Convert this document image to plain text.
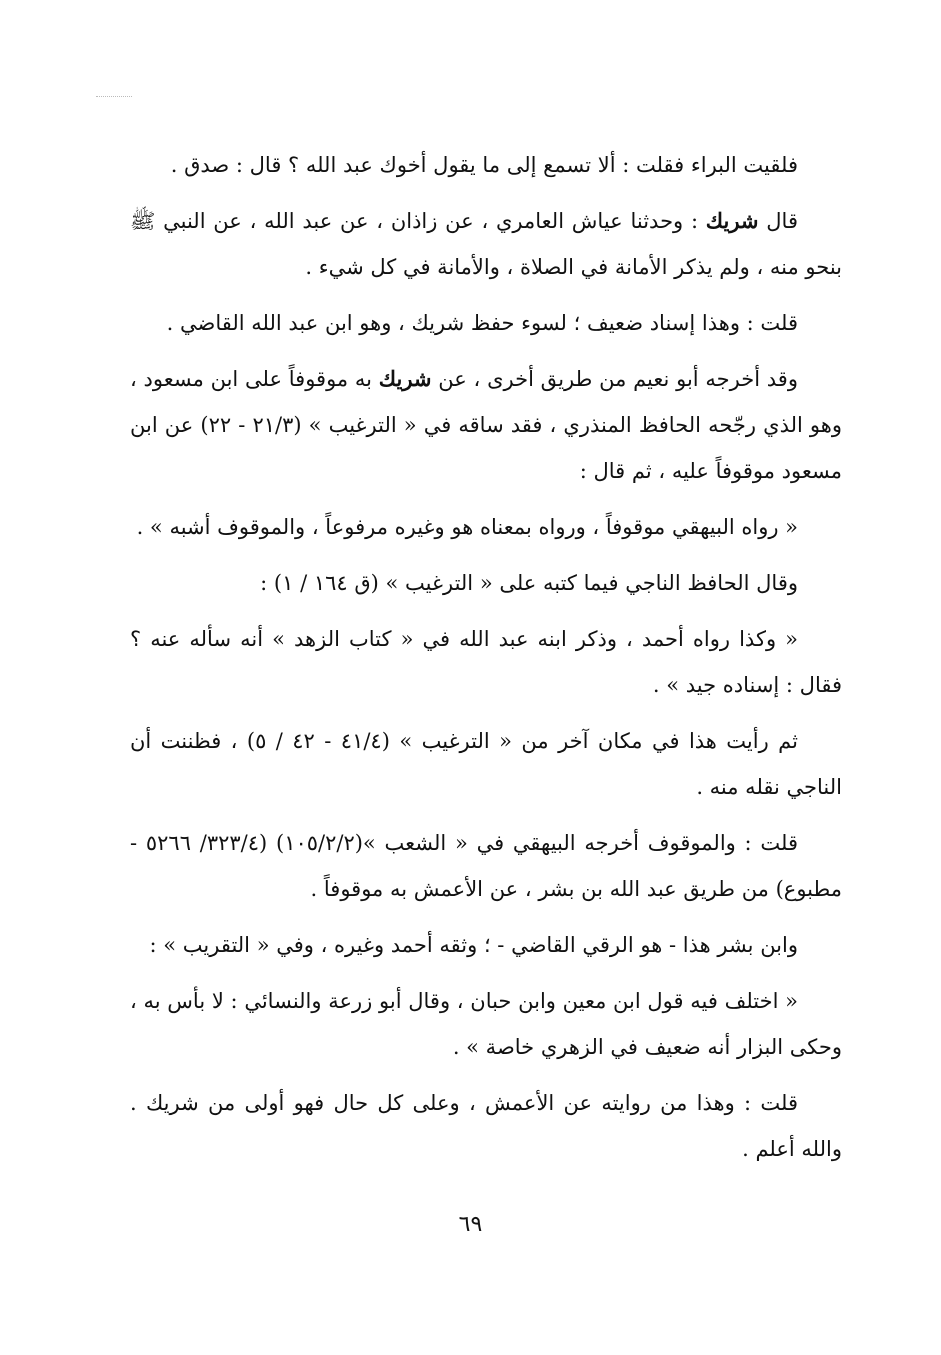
فلقيت البراء فقلت : ألا تسمع إلى ما يقول أخوك عبد الله ؟ قال : صدق .

قال شريك : وحدثنا عياش العامري ، عن زاذان ، عن عبد الله ، عن النبي ﷺ بنحو منه ، ولم يذكر الأمانة في الصلاة ، والأمانة في كل شيء .

قلت : وهذا إسناد ضعيف ؛ لسوء حفظ شريك ، وهو ابن عبد الله القاضي .

وقد أخرجه أبو نعيم من طريق أخرى ، عن شريك به موقوفاً على ابن مسعود ، وهو الذي رجّحه الحافظ المنذري ، فقد ساقه في « الترغيب » (٢١/٣ - ٢٢) عن ابن مسعود موقوفاً عليه ، ثم قال :

« رواه البيهقي موقوفاً ، ورواه بمعناه هو وغيره مرفوعاً ، والموقوف أشبه » .

وقال الحافظ الناجي فيما كتبه على « الترغيب » (ق ١٦٤ / ١) :

« وكذا رواه أحمد ، وذكر ابنه عبد الله في « كتاب الزهد » أنه سأله عنه ؟ فقال : إسناده جيد » .

ثم رأيت هذا في مكان آخر من « الترغيب » (٤١/٤ - ٤٢ / ٥) ، فظننت أن الناجي نقله منه .

قلت : والموقوف أخرجه البيهقي في « الشعب »(١٠٥/٢/٢) (٣٢٣/٤/ ٥٢٦٦ - مطبوع) من طريق عبد الله بن بشر ، عن الأعمش به موقوفاً .

وابن بشر هذا - هو الرقي القاضي - ؛ وثقه أحمد وغيره ، وفي « التقريب » :

« اختلف فيه قول ابن معين وابن حبان ، وقال أبو زرعة والنسائي : لا بأس به ، وحكى البزار أنه ضعيف في الزهري خاصة » .

قلت : وهذا من روايته عن الأعمش ، وعلى كل حال فهو أولى من شريك . والله أعلم .

٦٩
